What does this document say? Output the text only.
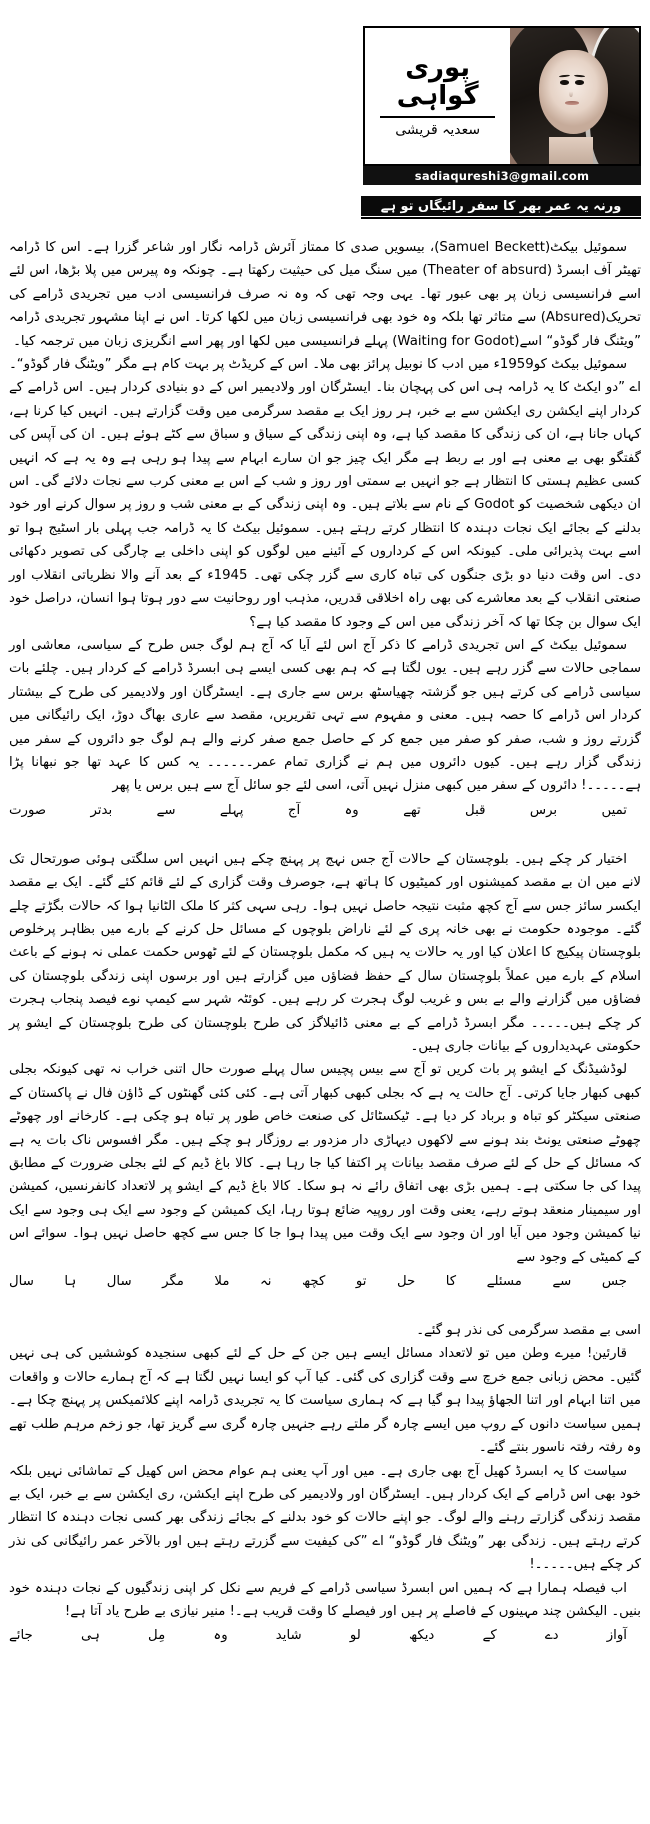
پوری
گواہی
سعدیہ قریشی
sadiaqureshi3@gmail.com
ورنہ یہ عمر بھر کا سفر رائیگاں تو ہے

سموئیل بیکٹ(Samuel Beckett)، بیسویں صدی کا ممتاز آئرش ڈرامہ نگار اور شاعر گزرا ہے۔ اس کا ڈرامہ تھیٹر آف ابسرڈ (Theater of absurd) میں سنگ میل کی حیثیت رکھتا ہے۔ چونکہ وہ پیرس میں پلا بڑھا، اس لئے اسے فرانسیسی زبان پر بھی عبور تھا۔ یہی وجہ تھی کہ وہ نہ صرف فرانسیسی ادب میں تجریدی ڈرامے کی تحریک(Absured) سے متاثر تھا بلکہ وہ خود بھی فرانسیسی زبان میں لکھا کرتا۔ اس نے اپنا مشہور تجریدی ڈرامہ ”ویٹنگ فار گوڈو“ اسے(Waiting for Godot) پہلے فرانسیسی میں لکھا اور پھر اسے انگریزی زبان میں ترجمہ کیا۔

سموئیل بیکٹ کو1959ء میں ادب کا نوبیل پرائز بھی ملا۔ اس کے کریڈٹ پر بہت کام ہے مگر ”ویٹنگ فار گوڈو“۔ اے ”دو ایکٹ کا یہ ڈرامہ ہی اس کی پہچان بنا۔ ایسٹرگان اور ولادیمیر اس کے دو بنیادی کردار ہیں۔ اس ڈرامے کے کردار اپنے ایکشن ری ایکشن سے بے خبر، ہر روز ایک بے مقصد سرگرمی میں وقت گزارتے ہیں۔ انہیں کیا کرنا ہے، کہاں جانا ہے، ان کی زندگی کا مقصد کیا ہے، وہ اپنی زندگی کے سیاق و سباق سے کٹے ہوئے ہیں۔ ان کی آپس کی گفتگو بھی بے معنی ہے اور بے ربط ہے مگر ایک چیز جو ان سارے ابہام سے پیدا ہو رہی ہے وہ یہ ہے کہ انہیں کسی عظیم ہستی کا انتظار ہے جو انہیں بے سمتی اور روز و شب کے اس بے معنی کرب سے نجات دلائے گی۔ اس ان دیکھی شخصیت کو Godot کے نام سے بلاتے ہیں۔ وہ اپنی زندگی کے بے معنی شب و روز پر سوال کرنے اور خود بدلنے کے بجائے ایک نجات دہندہ کا انتظار کرتے رہتے ہیں۔ سموئیل بیکٹ کا یہ ڈرامہ جب پہلی بار اسٹیج ہوا تو اسے بہت پذیرائی ملی۔ کیونکہ اس کے کرداروں کے آئینے میں لوگوں کو اپنی داخلی بے چارگی کی تصویر دکھائی دی۔ اس وقت دنیا دو بڑی جنگوں کی تباہ کاری سے گزر چکی تھی۔ 1945ء کے بعد آنے والا نظریاتی انقلاب اور صنعتی انقلاب کے بعد معاشرے کی بھی راہ اخلاقی قدریں، مذہب اور روحانیت سے دور ہوتا ہوا انسان، دراصل خود ایک سوال بن چکا تھا کہ آخر زندگی میں اس کے وجود کا مقصد کیا ہے؟

سموئیل بیکٹ کے اس تجریدی ڈرامے کا ذکر آج اس لئے آیا کہ آج ہم لوگ جس طرح کے سیاسی، معاشی اور سماجی حالات سے گزر رہے ہیں۔ یوں لگتا ہے کہ ہم بھی کسی ایسے ہی ابسرڈ ڈرامے کے کردار ہیں۔ چلئے بات سیاسی ڈرامے کی کرتے ہیں جو گزشتہ چھیاسٹھ برس سے جاری ہے۔ ایسٹرگان اور ولادیمیر کی طرح کے بیشتار کردار اس ڈرامے کا حصہ ہیں۔ معنی و مفہوم سے تہی تقریریں، مقصد سے عاری بھاگ دوڑ، ایک رائیگانی میں گزرتے روز و شب، صفر کو صفر میں جمع کر کے حاصل جمع صفر کرنے والے ہم لوگ جو دائروں کے سفر میں زندگی گزار رہے ہیں۔ کیوں دائروں میں ہم نے گزاری تمام عمر۔۔۔۔۔۔ یہ کس کا عہد تھا جو نبھانا پڑا ہے۔۔۔۔۔! دائروں کے سفر میں کبھی منزل نہیں آتی، اسی لئے جو سائل آج سے ہیں برس یا پھر

تمیں برس قبل تھے وہ آج پہلے سے بدتر صورت

اختیار کر چکے ہیں۔ بلوچستان کے حالات آج جس نہج پر پہنچ چکے ہیں انہیں اس سلگتی ہوئی صورتحال تک لانے میں ان بے مقصد کمیشنوں اور کمیٹیوں کا ہاتھ ہے، جوصرف وقت گزاری کے لئے قائم کئے گئے۔ ایک بے مقصد ایکسر سائز جس سے آج کچھ مثبت نتیجہ حاصل نہیں ہوا۔ رہی سہی کثر کا ملک الٹانیا ہوا کہ حالات بگڑتے چلے گئے۔ موجودہ حکومت نے بھی خانہ پری کے لئے ناراض بلوچوں کے مسائل حل کرنے کے بارے میں بظاہر پرخلوص بلوچستان پیکیج کا اعلان کیا اور یہ حالات یہ ہیں کہ مکمل بلوچستان کے لئے ٹھوس حکمت عملی نہ ہونے کے باعث اسلام کے بارے میں عملاً بلوچستان سال کے حفظ فضاؤں میں گزارتے ہیں اور برسوں اپنی زندگی بلوچستان کی فضاؤں میں گزارنے والے بے بس و غریب لوگ ہجرت کر رہے ہیں۔ کوئٹہ شہر سے کیمپ نوے فیصد پنجاب ہجرت کر چکے ہیں۔۔۔۔۔ مگر ابسرڈ ڈرامے کے بے معنی ڈائیلاگز کی طرح بلوچستان کی طرح بلوچستان کے ایشو پر حکومتی عہدیداروں کے بیانات جاری ہیں۔

لوڈشیڈنگ کے ایشو پر بات کریں تو آج سے بیس پچیس سال پہلے صورت حال اتنی خراب نہ تھی کیونکہ بجلی کبھی کبھار جایا کرتی۔ آج حالت یہ ہے کہ بجلی کبھی کبھار آتی ہے۔ کئی کئی گھنٹوں کے ڈاؤن فال نے پاکستان کے صنعتی سیکٹر کو تباہ و برباد کر دیا ہے۔ ٹیکسٹائل کی صنعت خاص طور پر تباہ ہو چکی ہے۔ کارخانے اور چھوٹے چھوٹے صنعتی یونٹ بند ہونے سے لاکھوں دیہاڑی دار مزدور بے روزگار ہو چکے ہیں۔ مگر افسوس ناک بات یہ ہے کہ مسائل کے حل کے لئے صرف مقصد بیانات پر اکتفا کیا جا رہا ہے۔ کالا باغ ڈیم کے لئے بجلی ضرورت کے مطابق پیدا کی جا سکتی ہے۔ ہمیں بڑی بھی اتفاق رائے نہ ہو سکا۔ کالا باغ ڈیم کے ایشو پر لاتعداد کانفرنسیں، کمیشن اور سیمینار منعقد ہوتے رہے، یعنی وقت اور روپیہ ضائع ہوتا رہا، ایک کمیشن کے وجود سے ایک ہی وجود سے ایک نیا کمیشن وجود میں آیا اور ان وجود سے ایک وقت میں پیدا ہوا جا کا جس سے کچھ حاصل نہیں ہوا۔ سوائے اس کے کمیٹی کے وجود سے

جس سے مسئلے کا حل تو کچھ نہ ملا مگر سال ہا سال

اسی بے مقصد سرگرمی کی نذر ہو گئے۔

قارئین! میرے وطن میں تو لاتعداد مسائل ایسے ہیں جن کے حل کے لئے کبھی سنجیدہ کوششیں کی ہی نہیں گئیں۔ محض زبانی جمع خرچ سے وقت گزاری کی گئی۔ کیا آپ کو ایسا نہیں لگتا ہے کہ آج ہمارے حالات و واقعات میں اتنا ابہام اور اتنا الجھاؤ پیدا ہو گیا ہے کہ ہماری سیاست کا یہ تجریدی ڈرامہ اپنے کلائمیکس پر پہنچ چکا ہے۔ ہمیں سیاست دانوں کے روپ میں ایسے چارہ گر ملتے رہے جنہیں چارہ گری سے گریز تھا، جو زخم مرہم طلب تھے وہ رفتہ رفتہ ناسور بنتے گئے۔

سیاست کا یہ ابسرڈ کھیل آج بھی جاری ہے۔ میں اور آپ یعنی ہم عوام محض اس کھیل کے تماشائی نہیں بلکہ خود بھی اس ڈرامے کے ایک کردار ہیں۔ ایسٹرگان اور ولادیمیر کی طرح اپنے ایکشن، ری ایکشن سے بے خبر، ایک بے مقصد زندگی گزارتے رہنے والے لوگ۔ جو اپنے حالات کو خود بدلنے کے بجائے زندگی بھر کسی نجات دہندہ کا انتظار کرتے رہتے ہیں۔ زندگی بھر ”ویٹنگ فار گوڈو“ اے ”کی کیفیت سے گزرتے رہتے ہیں اور بالآخر عمر رائیگانی کی نذر کر چکے ہیں۔۔۔۔۔!

اب فیصلہ ہمارا ہے کہ ہمیں اس ابسرڈ سیاسی ڈرامے کے فریم سے نکل کر اپنی زندگیوں کے نجات دہندہ خود بنیں۔ الیکشن چند مہینوں کے فاصلے پر ہیں اور فیصلے کا وقت قریب ہے۔! منیر نیازی بے طرح یاد آتا ہے!

آواز دے کے دیکھ لو شاید وہ مِل ہی جائے
